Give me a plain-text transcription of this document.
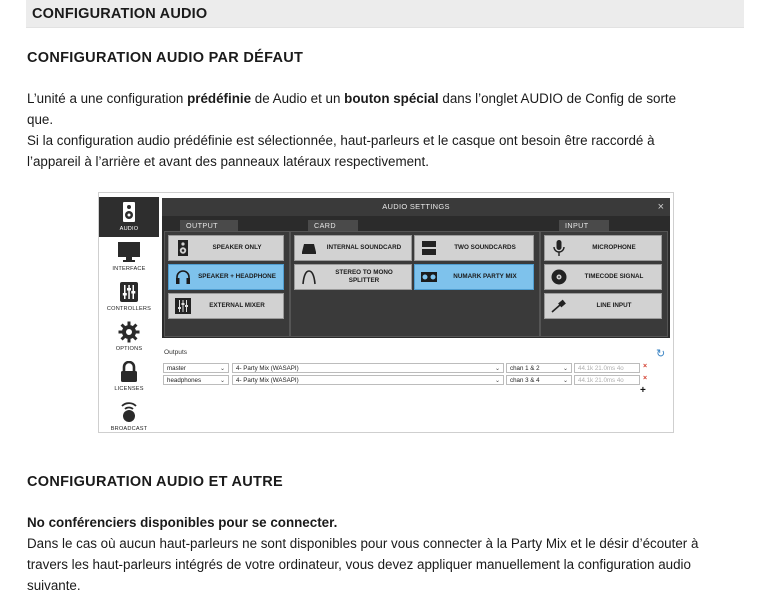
CONFIGURATION AUDIO
CONFIGURATION AUDIO PAR DÉFAUT
L’unité a une configuration prédéfinie de Audio et un bouton spécial dans l’onglet AUDIO de Config de sorte
que.
Si la configuration audio prédéfinie est sélectionnée, haut-parleurs et le casque ont besoin être raccordé à
l’appareil à l’arrière et avant des panneaux latéraux respectivement.
AUDIO
INTERFACE
CONTROLLERS
OPTIONS
LICENSES
BROADCAST
AUDIO SETTINGS	×
OUTPUT
SPEAKER ONLY
SPEAKER + HEADPHONE
EXTERNAL MIXER
CARD
INTERNAL SOUNDCARD	TWO SOUNDCARDS
STEREO TO MONO SPLITTER
NUMARK PARTY MIX
INPUT
MICROPHONE
TIMECODE SIGNAL
LINE INPUT
Outputs	↻
master	⌄	4- Party Mix (WASAPI)	⌄	chan 1 & 2	⌄	44.1k 21.0ms 4o	×
headphones	⌄	4- Party Mix (WASAPI)	⌄	chan 3 & 4	⌄	44.1k 21.0ms 4o	×
+
CONFIGURATION AUDIO ET AUTRE
No conférenciers disponibles pour se connecter.
Dans le cas où aucun haut-parleurs ne sont disponibles pour vous connecter à la Party Mix et le désir d’écouter à
travers les haut-parleurs intégrés de votre ordinateur, vous devez appliquer manuellement la configuration audio
suivante.
